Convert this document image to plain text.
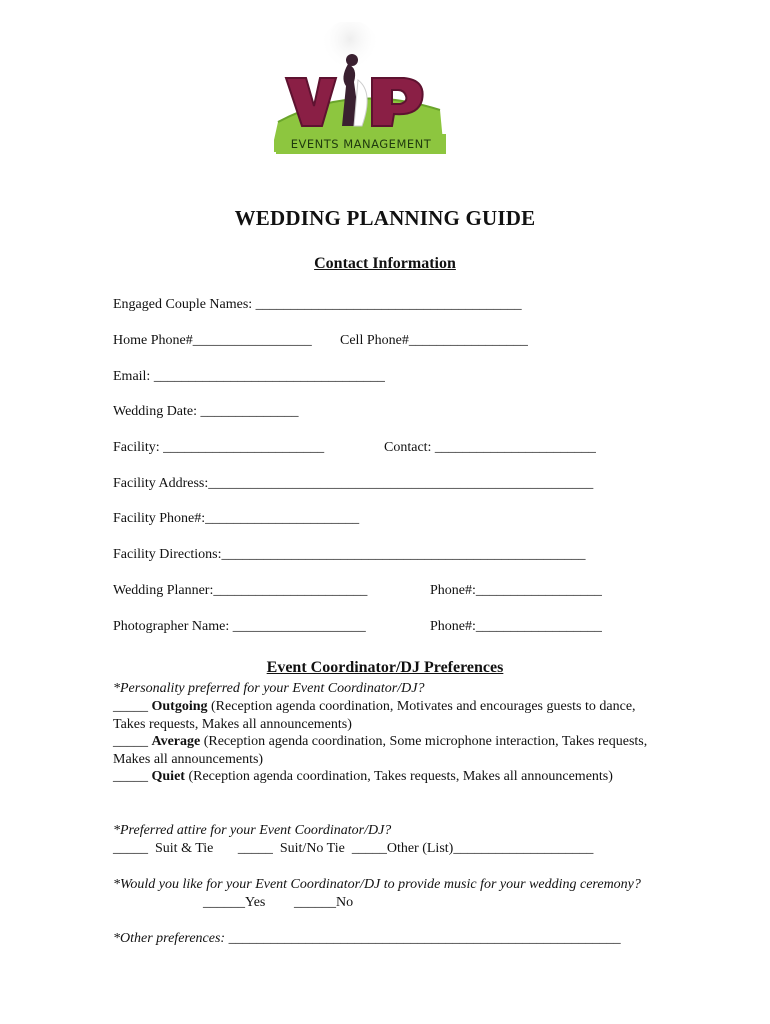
EVENTS MANAGEMENT
WEDDING PLANNING GUIDE
Contact Information
Engaged Couple Names: ______________________________________
Home Phone#_________________ Cell Phone#_________________
Email: _________________________________
Wedding Date: ______________
Facility: _______________________	Contact: _______________________
Facility Address:_______________________________________________________
Facility Phone#:______________________
Facility Directions:____________________________________________________
Wedding Planner:______________________	Phone#:__________________
Photographer Name: ___________________	Phone#:__________________
Event Coordinator/DJ Preferences
*Personality preferred for your Event Coordinator/DJ?
_____ Outgoing (Reception agenda coordination, Motivates and encourages guests to dance, Takes requests, Makes all announcements)
_____ Average (Reception agenda coordination, Some microphone interaction, Takes requests, Makes all announcements)
_____ Quiet (Reception agenda coordination, Takes requests, Makes all announcements)
*Preferred attire for your Event Coordinator/DJ?
_____  Suit & Tie       _____  Suit/No Tie  _____Other (List)____________________
*Would you like for your Event Coordinator/DJ to provide music for your wedding ceremony?
______Yes ______No
*Other preferences: ________________________________________________________
